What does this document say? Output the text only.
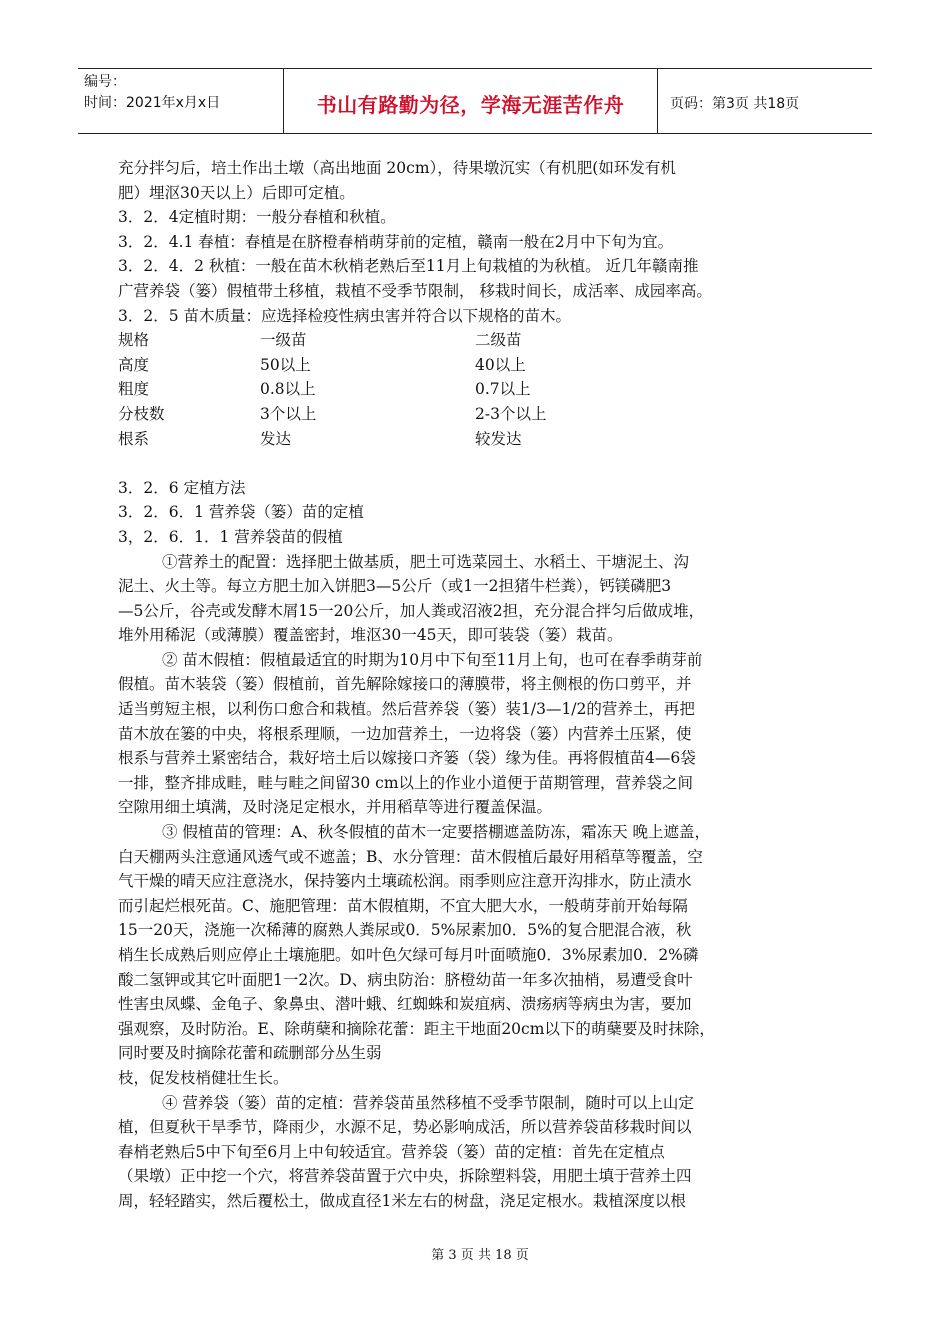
编号：
时间：2021年x月x日	书山有路勤为径，学海无涯苦作舟	页码：第3页 共18页
充分拌匀后，培土作出土墩（高出地面 20cm），待果墩沉实（有机肥(如环发有机
肥）埋沤30天以上）后即可定植。
3．2．4定植时期：一般分春植和秋植。
3．2．4.1 春植：春植是在脐橙春梢萌芽前的定植，赣南一般在2月中下旬为宜。
3．2．4．2 秋植：一般在苗木秋梢老熟后至11月上旬栽植的为秋植。 近几年赣南推
广营养袋（篓）假植带土移植，栽植不受季节限制， 移栽时间长，成活率、成园率高。
3．2．5 苗木质量：应选择检疫性病虫害并符合以下规格的苗木。
规格	一级苗	二级苗
高度	50以上	40以上
粗度	0.8以上	0.7以上
分枝数	3个以上	2-3个以上
根系	发达	较发达
3．2．6 定植方法
3．2．6．1 营养袋（篓）苗的定植
3，2．6．1．1 营养袋苗的假植
①营养土的配置：选择肥土做基质，肥土可选菜园土、水稻土、干塘泥土、沟
泥土、火土等。每立方肥土加入饼肥3—5公斤（或1一2担猪牛栏粪），钙镁磷肥3
—5公斤，谷壳或发酵木屑15一20公斤，加人粪或沼液2担，充分混合拌匀后做成堆，
堆外用稀泥（或薄膜）覆盖密封，堆沤30一45天，即可装袋（篓）栽苗。
② 苗木假植：假植最适宜的时期为10月中下旬至11月上旬，也可在春季萌芽前
假植。苗木装袋（篓）假植前，首先解除嫁接口的薄膜带，将主侧根的伤口剪平，并
适当剪短主根，以利伤口愈合和栽植。然后营养袋（篓）装1/3—1/2的营养土，再把
苗木放在篓的中央，将根系理顺，一边加营养土，一边将袋（篓）内营养土压紧，使
根系与营养土紧密结合，栽好培土后以嫁接口齐篓（袋）缘为佳。再将假植苗4—6袋
一排，整齐排成畦，畦与畦之间留30 cm以上的作业小道便于苗期管理，营养袋之间
空隙用细土填满，及时浇足定根水，并用稻草等进行覆盖保温。
③ 假植苗的管理：A、秋冬假植的苗木一定要搭棚遮盖防冻，霜冻天 晚上遮盖，
白天棚两头注意通风透气或不遮盖；B、水分管理：苗木假植后最好用稻草等覆盖，空
气干燥的晴天应注意浇水，保持篓内土壤疏松润。雨季则应注意开沟排水，防止渍水
而引起烂根死苗。C、施肥管理：苗木假植期，不宜大肥大水，一般萌芽前开始每隔
15一20天，浇施一次稀薄的腐熟人粪尿或0．5%尿素加0．5%的复合肥混合液，秋
梢生长成熟后则应停止土壤施肥。如叶色欠绿可每月叶面喷施0．3%尿素加0．2%磷
酸二氢钾或其它叶面肥1一2次。D、病虫防治：脐橙幼苗一年多次抽梢，易遭受食叶
性害虫凤蝶、金龟子、象鼻虫、潜叶蛾、红蜘蛛和炭疽病、溃疡病等病虫为害，要加
强观察，及时防治。E、除萌蘖和摘除花蕾：距主干地面20cm以下的萌蘖要及时抹除，
同时要及时摘除花蕾和疏删部分丛生弱
枝，促发枝梢健壮生长。
④ 营养袋（篓）苗的定植：营养袋苗虽然移植不受季节限制，随时可以上山定
植，但夏秋干旱季节，降雨少，水源不足，势必影响成活，所以营养袋苗移栽时间以
春梢老熟后5中下旬至6月上中旬较适宜。营养袋（篓）苗的定植：首先在定植点
（果墩）正中挖一个穴，将营养袋苗置于穴中央，拆除塑料袋，用肥土填于营养土四
周，轻轻踏实，然后覆松土，做成直径1米左右的树盘，浇足定根水。栽植深度以根
第 3 页 共 18 页
